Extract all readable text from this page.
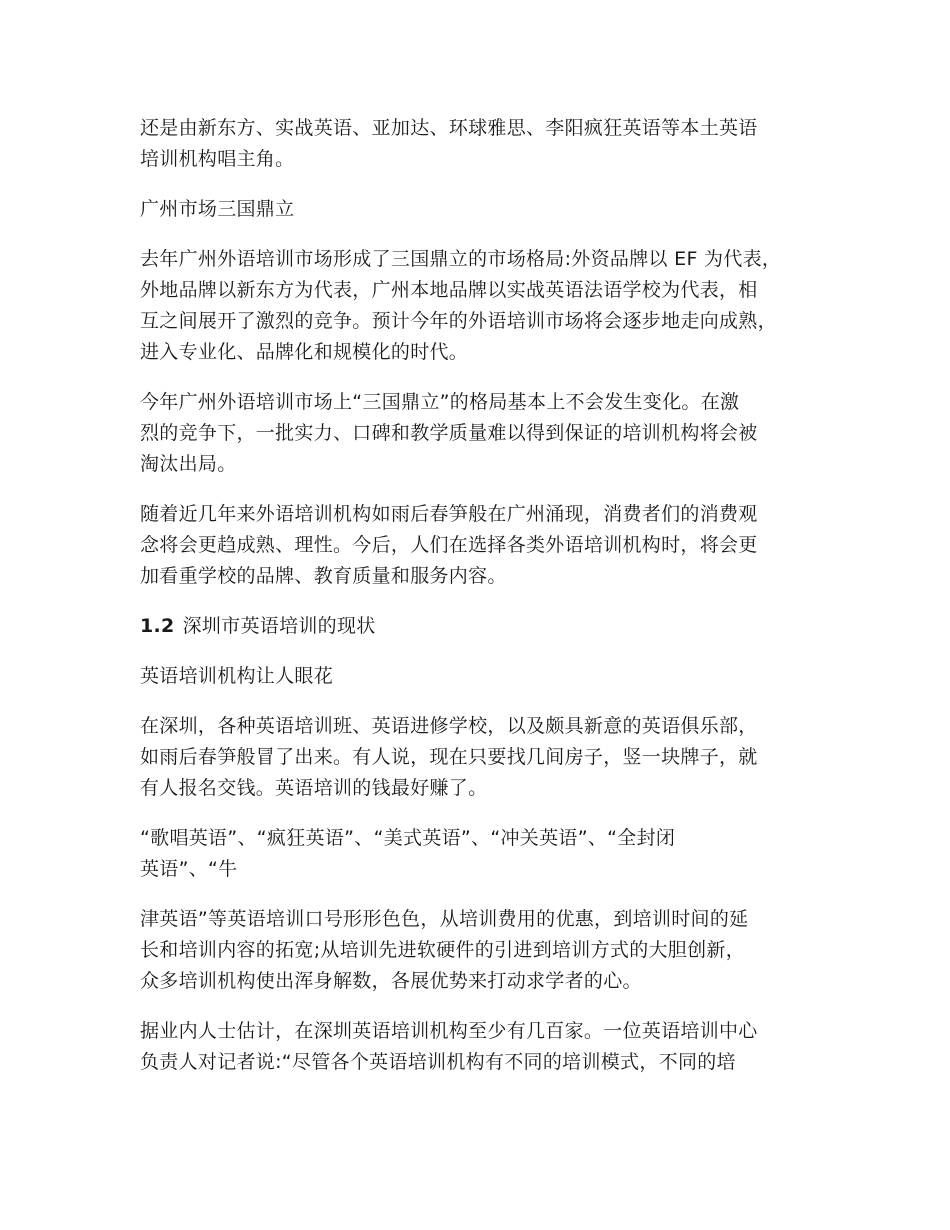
还是由新东方、实战英语、亚加达、环球雅思、李阳疯狂英语等本土英语
培训机构唱主角。
广州市场三国鼎立
去年广州外语培训市场形成了三国鼎立的市场格局:外资品牌以 EF 为代表，
外地品牌以新东方为代表，广州本地品牌以实战英语法语学校为代表，相
互之间展开了激烈的竞争。预计今年的外语培训市场将会逐步地走向成熟，
进入专业化、品牌化和规模化的时代。
今年广州外语培训市场上“三国鼎立”的格局基本上不会发生变化。在激
烈的竞争下，一批实力、口碑和教学质量难以得到保证的培训机构将会被
淘汰出局。
随着近几年来外语培训机构如雨后春笋般在广州涌现，消费者们的消费观
念将会更趋成熟、理性。今后，人们在选择各类外语培训机构时，将会更
加看重学校的品牌、教育质量和服务内容。
1.2 深圳市英语培训的现状
英语培训机构让人眼花
在深圳，各种英语培训班、英语进修学校，以及颇具新意的英语俱乐部，
如雨后春笋般冒了出来。有人说，现在只要找几间房子，竖一块牌子，就
有人报名交钱。英语培训的钱最好赚了。
“歌唱英语”、“疯狂英语”、“美式英语”、“冲关英语”、“全封闭
英语”、“牛
津英语”等英语培训口号形形色色，从培训费用的优惠，到培训时间的延
长和培训内容的拓宽;从培训先进软硬件的引进到培训方式的大胆创新，
众多培训机构使出浑身解数，各展优势来打动求学者的心。
据业内人士估计，在深圳英语培训机构至少有几百家。一位英语培训中心
负责人对记者说:“尽管各个英语培训机构有不同的培训模式，不同的培
